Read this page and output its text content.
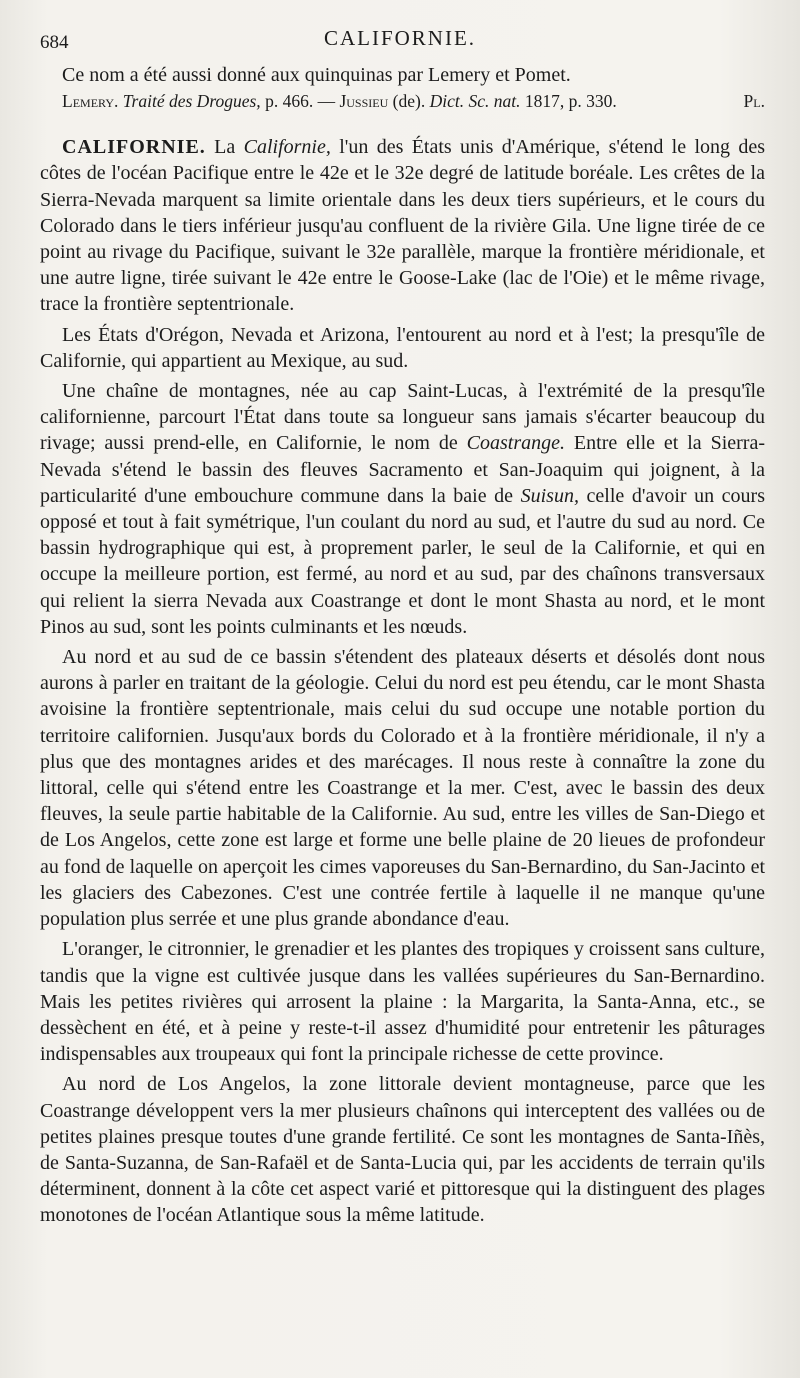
684	CALIFORNIE.

Ce nom a été aussi donné aux quinquinas par Lemery et Pomet.

Lemery. Traité des Drogues, p. 466. — Jussieu (de). Dict. Sc. nat. 1817, p. 330.	Pl.

CALIFORNIE. La Californie, l'un des États unis d'Amérique, s'étend le long des côtes de l'océan Pacifique entre le 42e et le 32e degré de latitude boréale. Les crêtes de la Sierra-Nevada marquent sa limite orientale dans les deux tiers supérieurs, et le cours du Colorado dans le tiers inférieur jusqu'au confluent de la rivière Gila. Une ligne tirée de ce point au rivage du Pacifique, suivant le 32e parallèle, marque la frontière méridionale, et une autre ligne, tirée suivant le 42e entre le Goose-Lake (lac de l'Oie) et le même rivage, trace la frontière septentrionale.

Les États d'Orégon, Nevada et Arizona, l'entourent au nord et à l'est; la presqu'île de Californie, qui appartient au Mexique, au sud.

Une chaîne de montagnes, née au cap Saint-Lucas, à l'extrémité de la presqu'île californienne, parcourt l'État dans toute sa longueur sans jamais s'écarter beaucoup du rivage; aussi prend-elle, en Californie, le nom de Coastrange. Entre elle et la Sierra-Nevada s'étend le bassin des fleuves Sacramento et San-Joaquim qui joignent, à la particularité d'une embouchure commune dans la baie de Suisun, celle d'avoir un cours opposé et tout à fait symétrique, l'un coulant du nord au sud, et l'autre du sud au nord. Ce bassin hydrographique qui est, à proprement parler, le seul de la Californie, et qui en occupe la meilleure portion, est fermé, au nord et au sud, par des chaînons transversaux qui relient la sierra Nevada aux Coastrange et dont le mont Shasta au nord, et le mont Pinos au sud, sont les points culminants et les nœuds.

Au nord et au sud de ce bassin s'étendent des plateaux déserts et désolés dont nous aurons à parler en traitant de la géologie. Celui du nord est peu étendu, car le mont Shasta avoisine la frontière septentrionale, mais celui du sud occupe une notable portion du territoire californien. Jusqu'aux bords du Colorado et à la frontière méridionale, il n'y a plus que des montagnes arides et des marécages. Il nous reste à connaître la zone du littoral, celle qui s'étend entre les Coastrange et la mer. C'est, avec le bassin des deux fleuves, la seule partie habitable de la Californie. Au sud, entre les villes de San-Diego et de Los Angelos, cette zone est large et forme une belle plaine de 20 lieues de profondeur au fond de laquelle on aperçoit les cimes vaporeuses du San-Bernardino, du San-Jacinto et les glaciers des Cabezones. C'est une contrée fertile à laquelle il ne manque qu'une population plus serrée et une plus grande abondance d'eau.

L'oranger, le citronnier, le grenadier et les plantes des tropiques y croissent sans culture, tandis que la vigne est cultivée jusque dans les vallées supérieures du San-Bernardino. Mais les petites rivières qui arrosent la plaine : la Margarita, la Santa-Anna, etc., se dessèchent en été, et à peine y reste-t-il assez d'humidité pour entretenir les pâturages indispensables aux troupeaux qui font la principale richesse de cette province.

Au nord de Los Angelos, la zone littorale devient montagneuse, parce que les Coastrange développent vers la mer plusieurs chaînons qui interceptent des vallées ou de petites plaines presque toutes d'une grande fertilité. Ce sont les montagnes de Santa-Iñès, de Santa-Suzanna, de San-Rafaël et de Santa-Lucia qui, par les accidents de terrain qu'ils déterminent, donnent à la côte cet aspect varié et pittoresque qui la distinguent des plages monotones de l'océan Atlantique sous la même latitude.
